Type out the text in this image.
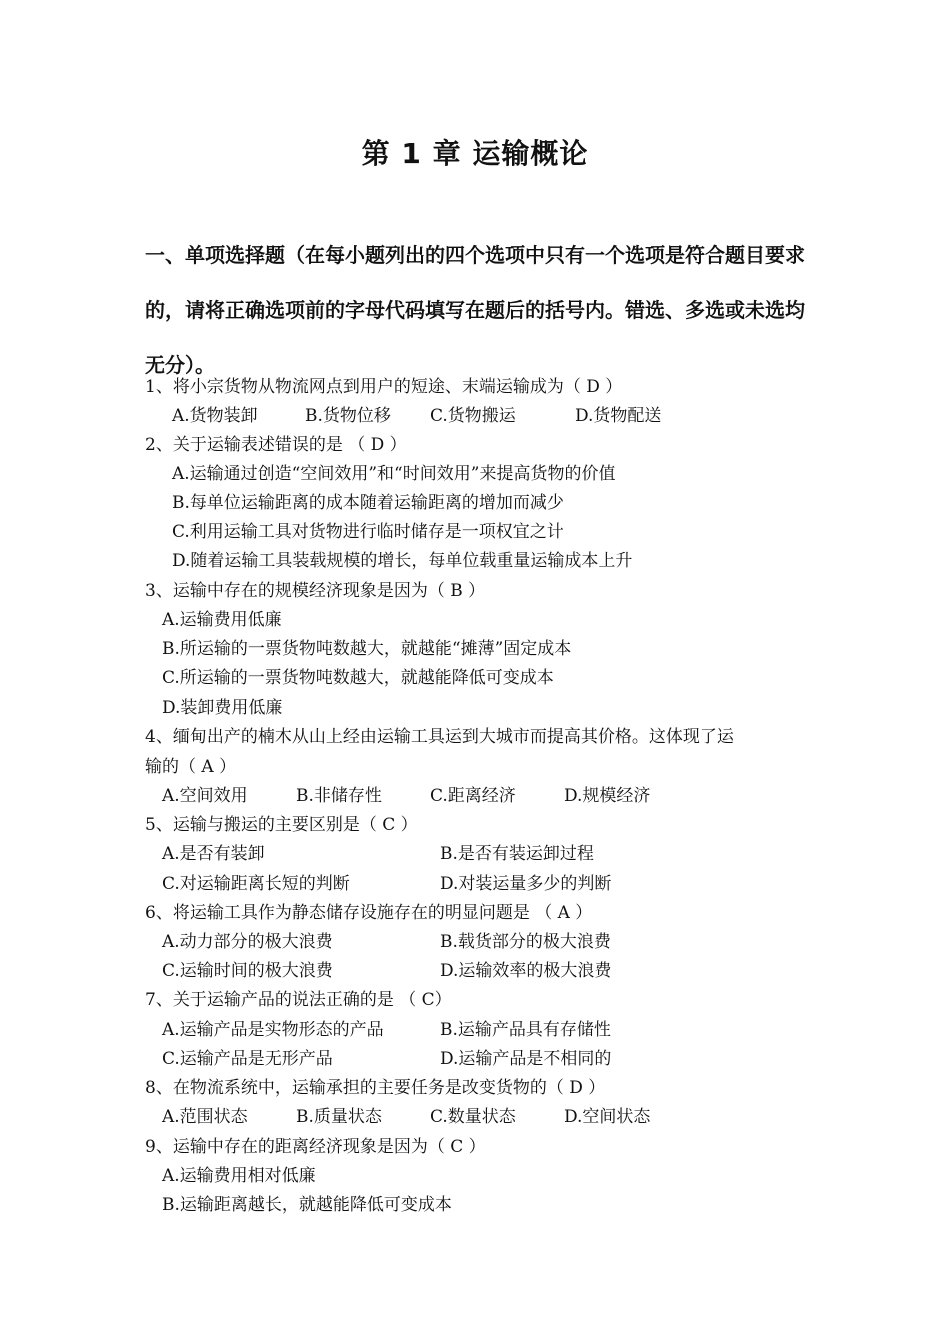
第 1 章 运输概论
一、单项选择题（在每小题列出的四个选项中只有一个选项是符合题目要求的，请将正确选项前的字母代码填写在题后的括号内。错选、多选或未选均无分）。
1、将小宗货物从物流网点到用户的短途、末端运输成为（ D ）
A.货物装卸	B.货物位移 C.货物搬运	D.货物配送
2、关于运输表述错误的是 （ D ）
A.运输通过创造“空间效用”和“时间效用”来提高货物的价值
B.每单位运输距离的成本随着运输距离的增加而减少
C.利用运输工具对货物进行临时储存是一项权宜之计
D.随着运输工具装载规模的增长，每单位载重量运输成本上升
3、运输中存在的规模经济现象是因为（ B ）
A.运输费用低廉
B.所运输的一票货物吨数越大，就越能“摊薄”固定成本
C.所运输的一票货物吨数越大，就越能降低可变成本
D.装卸费用低廉
4、缅甸出产的楠木从山上经由运输工具运到大城市而提高其价格。这体现了运
输的（ A ）
A.空间效用	B.非储存性	C.距离经济	D.规模经济
5、运输与搬运的主要区别是（ C ）
A.是否有装卸	B.是否有装运卸过程
C.对运输距离长短的判断	D.对装运量多少的判断
6、将运输工具作为静态储存设施存在的明显问题是 （ A ）
A.动力部分的极大浪费	B.载货部分的极大浪费
C.运输时间的极大浪费	D.运输效率的极大浪费
7、关于运输产品的说法正确的是 （ C）
A.运输产品是实物形态的产品	B.运输产品具有存储性
C.运输产品是无形产品	D.运输产品是不相同的
8、在物流系统中，运输承担的主要任务是改变货物的（ D ）
A.范围状态	B.质量状态	C.数量状态	D.空间状态
9、运输中存在的距离经济现象是因为（ C ）
A.运输费用相对低廉
B.运输距离越长，就越能降低可变成本
